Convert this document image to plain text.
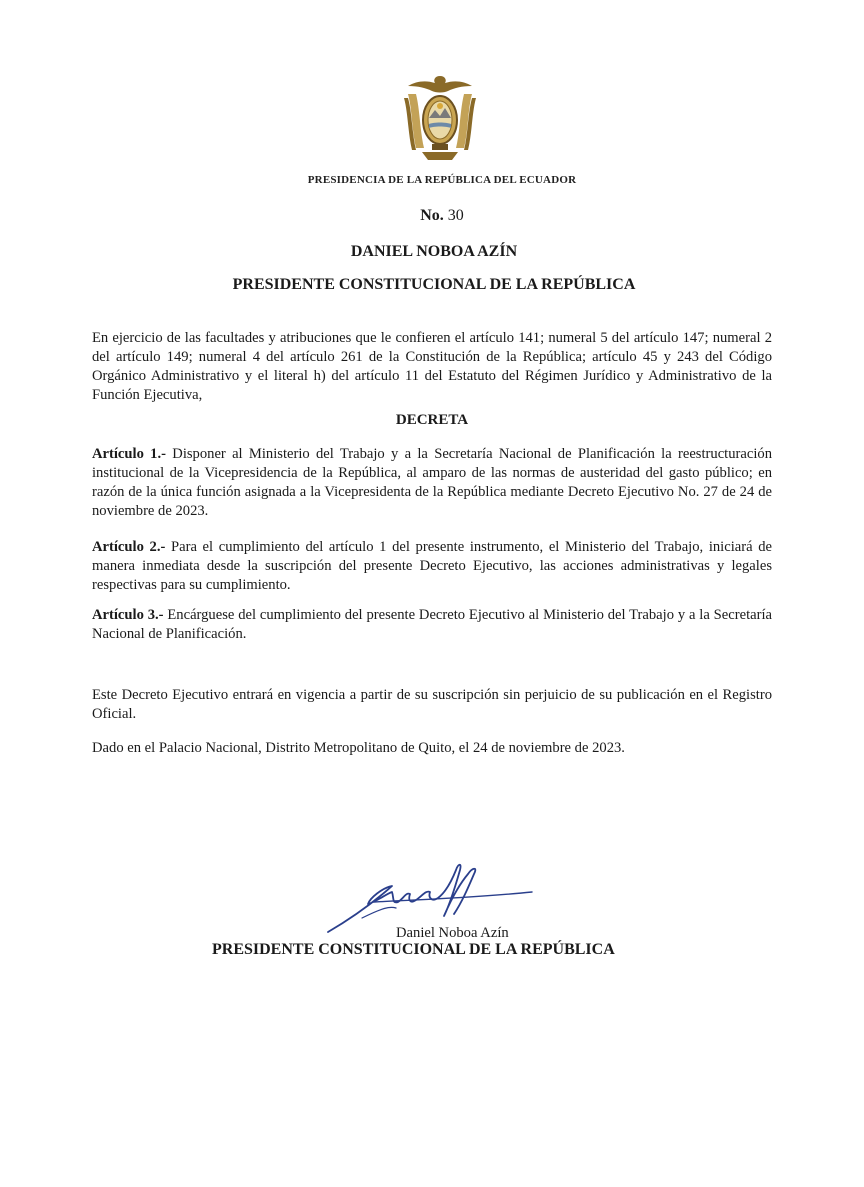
PRESIDENCIA DE LA REPÚBLICA DEL ECUADOR
No. 30
DANIEL NOBOA AZÍN
PRESIDENTE CONSTITUCIONAL DE LA REPÚBLICA
En ejercicio de las facultades y atribuciones que le confieren el artículo 141; numeral 5 del artículo 147; numeral 2 del artículo 149; numeral 4 del artículo 261 de la Constitución de la República; artículo 45 y 243 del Código Orgánico Administrativo y el literal h) del artículo 11 del Estatuto del Régimen Jurídico y Administrativo de la Función Ejecutiva,
DECRETA
Artículo 1.- Disponer al Ministerio del Trabajo y a la Secretaría Nacional de Planificación la reestructuración institucional de la Vicepresidencia de la República, al amparo de las normas de austeridad del gasto público; en razón de la única función asignada a la Vicepresidenta de la República mediante Decreto Ejecutivo No. 27 de 24 de noviembre de 2023.
Artículo 2.- Para el cumplimiento del artículo 1 del presente instrumento, el Ministerio del Trabajo, iniciará de manera inmediata desde la suscripción del presente Decreto Ejecutivo, las acciones administrativas y legales respectivas para su cumplimiento.
Artículo 3.- Encárguese del cumplimiento del presente Decreto Ejecutivo al Ministerio del Trabajo y a la Secretaría Nacional de Planificación.
Este Decreto Ejecutivo entrará en vigencia a partir de su suscripción sin perjuicio de su publicación en el Registro Oficial.
Dado en el Palacio Nacional, Distrito Metropolitano de Quito, el 24 de noviembre de 2023.
Daniel Noboa Azín
PRESIDENTE CONSTITUCIONAL DE LA REPÚBLICA
